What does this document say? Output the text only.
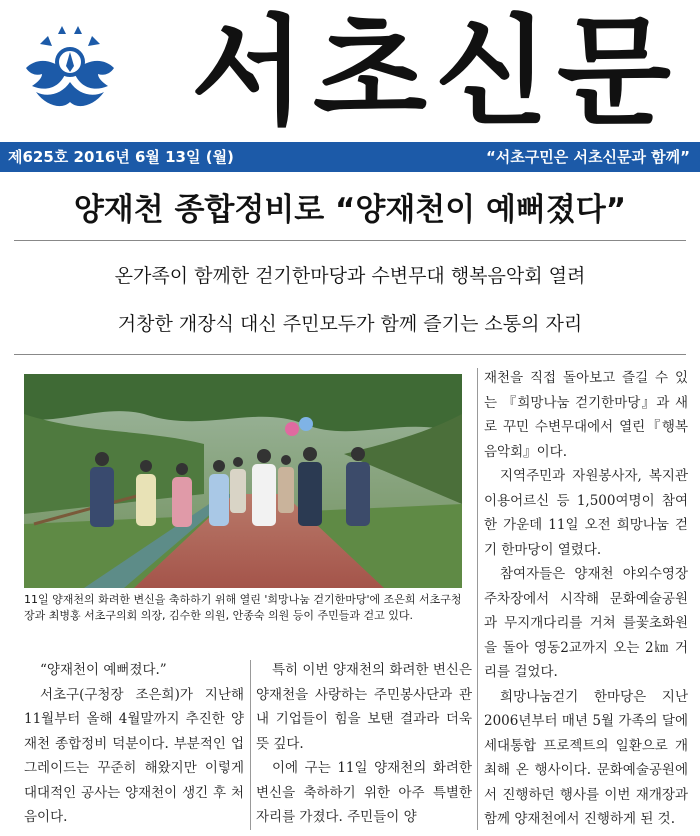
서초신문
제625호 2016년 6월 13일 (월)	“서초구민은 서초신문과 함께”
양재천 종합정비로 “양재천이 예뻐졌다”
온가족이 함께한 걷기한마당과 수변무대 행복음악회 열려
거창한 개장식 대신 주민모두가 함께 즐기는 소통의 자리
11일 양재천의 화려한 변신을 축하하기 위해 열린 '희망나눔 걷기한마당'에 조은희 서초구청장과 최병홍 서초구의회 의장, 김수한 의원, 안종숙 의원 등이 주민들과 걷고 있다.

“양재천이 예뻐졌다.”

서초구(구청장 조은희)가 지난해 11월부터 올해 4월말까지 추진한 양재천 종합정비 덕분이다. 부분적인 업그레이드는 꾸준히 해왔지만 이렇게 대대적인 공사는 양재천이 생긴 후 처음이다.

특히 이번 양재천의 화려한 변신은 양재천을 사랑하는 주민봉사단과 관내 기업들이 힘을 보탠 결과라 더욱 뜻 깊다.

이에 구는 11일 양재천의 화려한 변신을 축하하기 위한 아주 특별한 자리를 가졌다. 주민들이 양

재천을 직접 돌아보고 즐길 수 있는 『희망나눔 걷기한마당』과 새로 꾸민 수변무대에서 열린『행복음악회』이다.

지역주민과 자원봉사자, 복지관 이용어르신 등 1,500여명이 참여한 가운데 11일 오전 희망나눔 걷기 한마당이 열렸다.

참여자들은 양재천 야외수영장 주차장에서 시작해 문화예술공원과 무지개다리를 거쳐 를꽃초화원을 돌아 영동2교까지 오는 2㎞ 거리를 걸었다.

희망나눔걷기 한마당은 지난 2006년부터 매년 5월 가족의 달에 세대통합 프로젝트의 일환으로 개최해 온 행사이다. 문화예술공원에서 진행하던 행사를 이번 재개장과 함께 양재천에서 진행하게 된 것.
